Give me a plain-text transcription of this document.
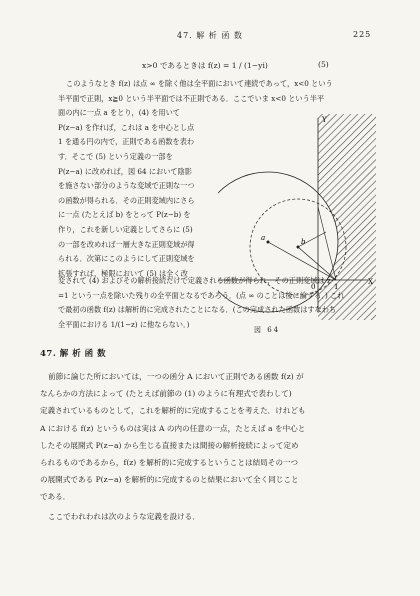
47. 解 析 函 数	225
x>0 であるときは f(z) = 1 / (1−yi)	(5)
このようなとき f(z) は点 ∞ を除く他は全平面において連続であって，x<0 という
半平面で正則，x≧0 という半平面では不正則である．ここでいま x<0 という半平
面の内に一点 a をとり，(4) を用いて
P(z−a) を作れば，これは a を中心とし点
1 を通る円の内で，正則である函数を表わ
す．そこで (5) という定義の一部を
P(z−a) に改めれば，図 64 において陰影
を施さない部分のような変域で正則な一つ
の函数が得られる．その正則変域内にさら
に一点 (たとえば b) をとって P(z−b) を
作り，これを新しい定義としてさらに (5)
の一部を改めれば一層大きな正則変域が得
られる．次第にこのようにして正則変域を
拡張すれば，極限において (5) は全く改
Y
X
0	1
a	b
図 64
変されて (4) およびその解析接続だけで定義される函数が得られ，その正則変域は z
=1 という一点を除いた残りの全平面となるであろう．(点 ∞ のことは後に論ずる．) これ
で最初の函数 f(z) は解析的に完成されたことになる．(この完成された函数はすなわち
全平面における 1/(1−z) に他ならない．)
47. 解 析 函 数
前節に論じた所においては，一つの函分 A において正則である函数 f(z) が
なんらかの方法によって (たとえば前節の (1) のように有理式で表わして)
定義されているものとして，これを解析的に完成することを考えた．けれども
A における f(z) というものは実は A の内の任意の一点，たとえば a を中心と
したその展開式 P(z−a) から生じる直接または間接の解析接続によって定め
られるものであるから，f(z) を解析的に完成するということは結局その一つ
の展開式である P(z−a) を解析的に完成するのと結果において全く同じこと
である．
ここでわれわれは次のような定義を設ける．
